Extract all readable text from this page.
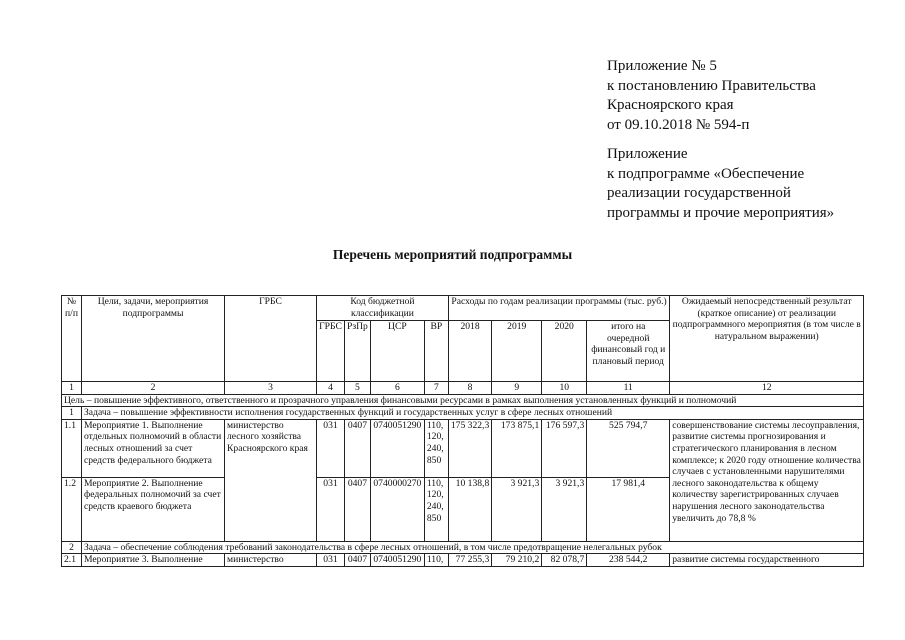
Приложение № 5
к постановлению Правительства
Красноярского края
от 09.10.2018 № 594-п
Приложение
к подпрограмме «Обеспечение
реализации государственной
программы и прочие мероприятия»
Перечень мероприятий подпрограммы
№ п/п	Цели, задачи, мероприятия подпрограммы	ГРБС	Код бюджетной классификации				Расходы по годам реализации программы (тыс. руб.)				Ожидаемый непосредственный результат (краткое описание) от реализации подпрограммного мероприятия (в том числе в натуральном выражении)
			ГРБС	РзПр	ЦСР	ВР	2018	2019	2020	итого на очередной финансовый год и плановый период	
1	2	3	4	5	6	7	8	9	10	11	12
Цель – повышение эффективного, ответственного и прозрачного управления финансовыми ресурсами в рамках выполнения установленных функций и полномочий											
1	Задача – повышение эффективности исполнения государственных функций и государственных услуг в сфере лесных отношений										
1.1	Мероприятие 1. Выполнение отдельных полномочий в области лесных отношений за счет средств федерального бюджета	министерство лесного хозяйства Красноярского края	031	0407	0740051290	110, 120, 240, 850	175 322,3	173 875,1	176 597,3	525 794,7	совершенствование системы лесоуправления, развитие системы прогнозирования и стратегического планирования в лесном комплексе; к 2020 году отношение количества случаев с установленными нарушителями лесного законодательства к общему количеству зарегистрированных случаев нарушения лесного законодательства увеличить до 78,8 %
1.2	Мероприятие 2. Выполнение федеральных полномочий за счет средств краевого бюджета		031	0407	0740000270	110, 120, 240, 850	10 138,8	3 921,3	3 921,3	17 981,4	
2	Задача – обеспечение соблюдения требований законодательства в сфере лесных отношений, в том числе предотвращение нелегальных рубок										
2.1	Мероприятие 3. Выполнение	министерство	031	0407	0740051290	110,	77 255,3	79 210,2	82 078,7	238 544,2	развитие системы государственного
